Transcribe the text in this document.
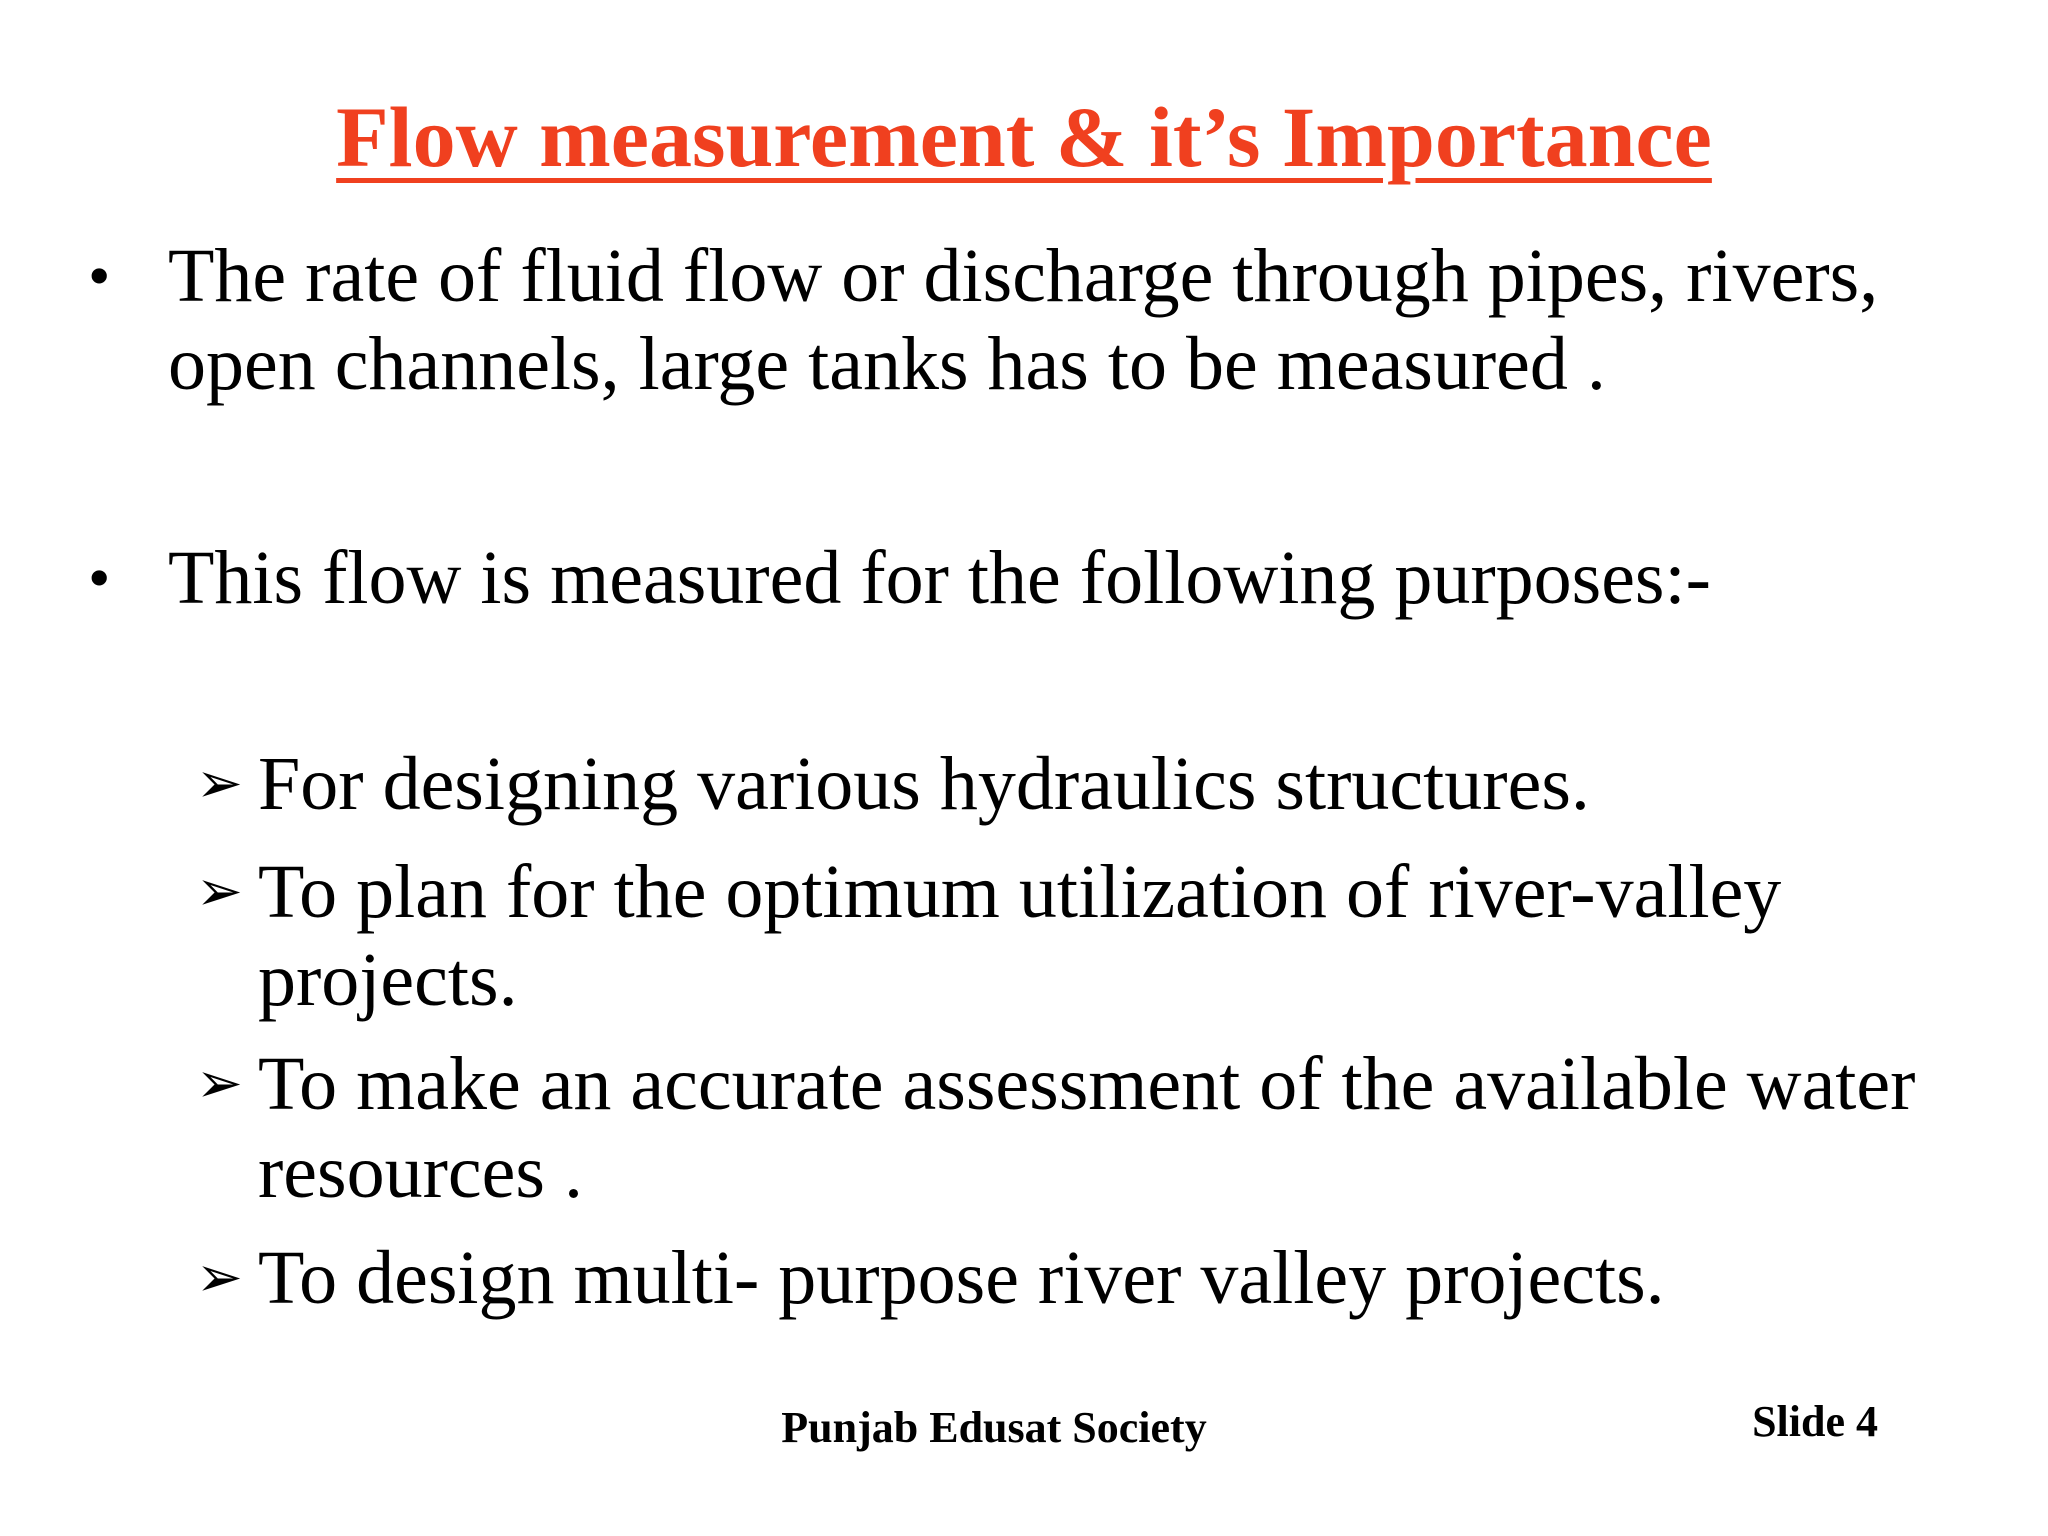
Flow measurement & it’s Importance
• The rate of fluid flow or discharge through pipes, rivers, open channels, large tanks has to be measured .
• This flow is measured for the following purposes:-
➢ For designing various hydraulics structures.
➢ To plan for the optimum utilization of river-valley projects.
➢ To make an accurate assessment of the available water resources .
➢ To design multi- purpose river valley projects.
Punjab Edusat Society	Slide 4
